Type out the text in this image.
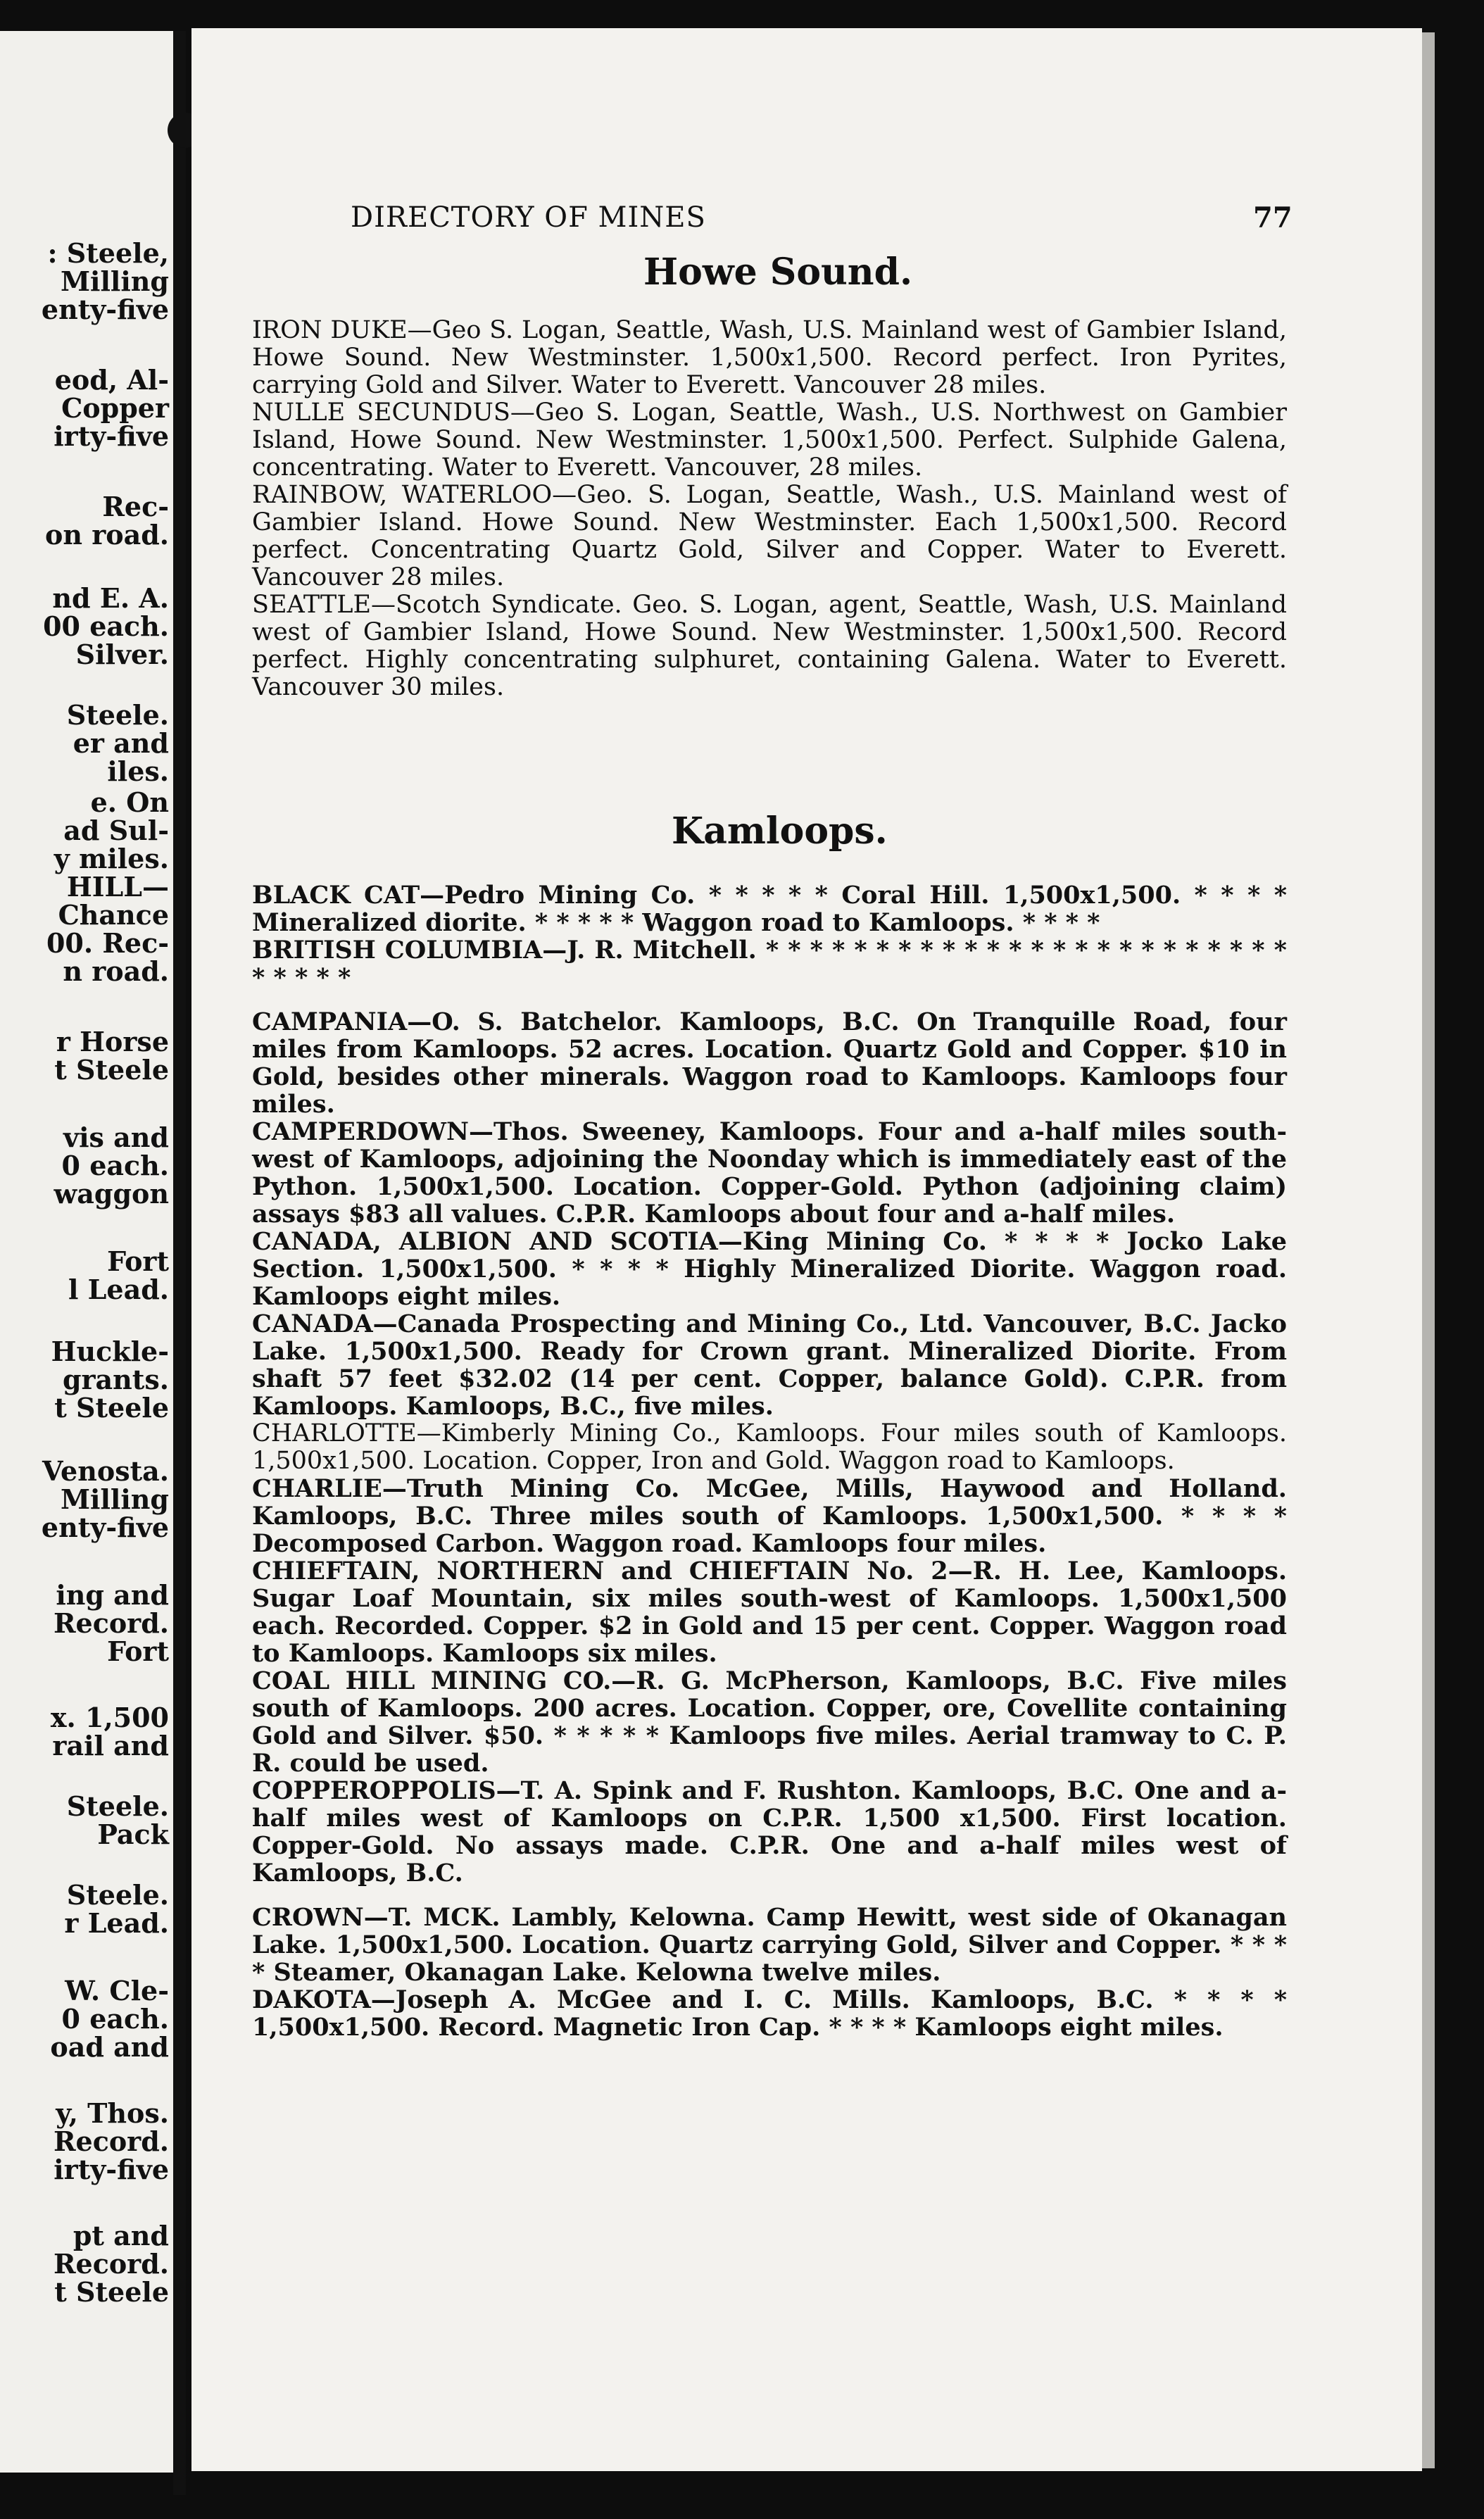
: Steele,
Milling
enty-five
eod, Al-
Copper
irty-five
Rec-
on road.
nd E. A.
00 each.
Silver.
Steele.
er and
iles.
e. On
ad Sul-
y miles.
HILL—
Chance
00. Rec-
n road.
r Horse
t Steele
vis and
0 each.
waggon
Fort
l Lead.
Huckle-
grants.
t Steele
Venosta.
Milling
enty-five
ing and
Record.
Fort
x. 1,500
rail and
Steele.
Pack
Steele.
r Lead.
W. Cle-
0 each.
oad and
y, Thos.
Record.
irty-five
pt and
Record.
t Steele
DIRECTORY OF MINES	77
Howe Sound.

IRON DUKE—Geo S. Logan, Seattle, Wash, U.S. Mainland west of Gambier Island, Howe Sound. New Westminster. 1,500x1,500. Record perfect. Iron Pyrites, carrying Gold and Silver. Water to Everett. Vancouver 28 miles.

NULLE SECUNDUS—Geo S. Logan, Seattle, Wash., U.S. Northwest on Gambier Island, Howe Sound. New Westminster. 1,500x1,500. Perfect. Sulphide Galena, concentrating. Water to Everett. Vancouver, 28 miles.

RAINBOW, WATERLOO—Geo. S. Logan, Seattle, Wash., U.S. Mainland west of Gambier Island. Howe Sound. New Westminster. Each 1,500x1,500. Record perfect. Concentrating Quartz Gold, Silver and Copper. Water to Everett. Vancouver 28 miles.

SEATTLE—Scotch Syndicate. Geo. S. Logan, agent, Seattle, Wash, U.S. Mainland west of Gambier Island, Howe Sound. New Westminster. 1,500x1,500. Record perfect. Highly concentrating sulphuret, containing Galena. Water to Everett. Vancouver 30 miles.

Kamloops.

BLACK CAT—Pedro Mining Co. * * * * * Coral Hill. 1,500x1,500. * * * * Mineralized diorite. * * * * * Waggon road to Kamloops. * * * *

BRITISH COLUMBIA—J. R. Mitchell. * * * * * * * * * * * * * * * * * * * * * * * * * * * * *

CAMPANIA—O. S. Batchelor. Kamloops, B.C. On Tranquille Road, four miles from Kamloops. 52 acres. Location. Quartz Gold and Copper. $10 in Gold, besides other minerals. Waggon road to Kamloops. Kamloops four miles.

CAMPERDOWN—Thos. Sweeney, Kamloops. Four and a-half miles south-west of Kamloops, adjoining the Noonday which is immediately east of the Python. 1,500x1,500. Location. Copper-Gold. Python (adjoining claim) assays $83 all values. C.P.R. Kamloops about four and a-half miles.

CANADA, ALBION AND SCOTIA—King Mining Co. * * * * Jocko Lake Section. 1,500x1,500. * * * * Highly Mineralized Diorite. Waggon road. Kamloops eight miles.

CANADA—Canada Prospecting and Mining Co., Ltd. Vancouver, B.C. Jacko Lake. 1,500x1,500. Ready for Crown grant. Mineralized Diorite. From shaft 57 feet $32.02 (14 per cent. Copper, balance Gold). C.P.R. from Kamloops. Kamloops, B.C., five miles.

CHARLOTTE—Kimberly Mining Co., Kamloops. Four miles south of Kamloops. 1,500x1,500. Location. Copper, Iron and Gold. Waggon road to Kamloops.

CHARLIE—Truth Mining Co. McGee, Mills, Haywood and Holland. Kamloops, B.C. Three miles south of Kamloops. 1,500x1,500. * * * * Decomposed Carbon. Waggon road. Kamloops four miles.

CHIEFTAIN, NORTHERN and CHIEFTAIN No. 2—R. H. Lee, Kamloops. Sugar Loaf Mountain, six miles south-west of Kamloops. 1,500x1,500 each. Recorded. Copper. $2 in Gold and 15 per cent. Copper. Waggon road to Kamloops. Kamloops six miles.

COAL HILL MINING CO.—R. G. McPherson, Kamloops, B.C. Five miles south of Kamloops. 200 acres. Location. Copper, ore, Covellite containing Gold and Silver. $50. * * * * * Kamloops five miles. Aerial tramway to C. P. R. could be used.

COPPEROPPOLIS—T. A. Spink and F. Rushton. Kamloops, B.C. One and a-half miles west of Kamloops on C.P.R. 1,500 x1,500. First location. Copper-Gold. No assays made. C.P.R. One and a-half miles west of Kamloops, B.C.

CROWN—T. MCK. Lambly, Kelowna. Camp Hewitt, west side of Okanagan Lake. 1,500x1,500. Location. Quartz carrying Gold, Silver and Copper. * * * * Steamer, Okanagan Lake. Kelowna twelve miles.

DAKOTA—Joseph A. McGee and I. C. Mills. Kamloops, B.C. * * * * 1,500x1,500. Record. Magnetic Iron Cap. * * * * Kamloops eight miles.
